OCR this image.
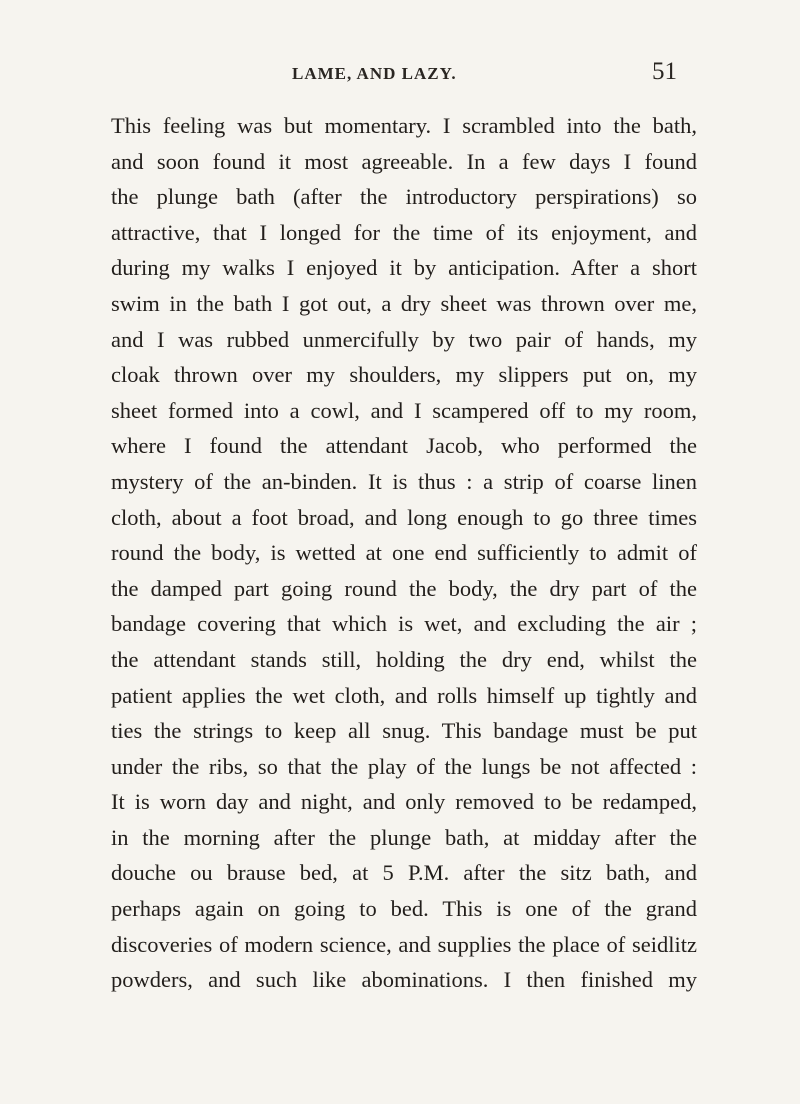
LAME, AND LAZY.	51
This feeling was but momentary. I scrambled into the bath,
and soon found it most agreeable. In a few days I found
the plunge bath (after the introductory perspirations) so
attractive, that I longed for the time of its enjoyment, and
during my walks I enjoyed it by anticipation. After a short
swim in the bath I got out, a dry sheet was thrown over me,
and I was rubbed unmercifully by two pair of hands, my
cloak thrown over my shoulders, my slippers put on, my
sheet formed into a cowl, and I scampered off to my room,
where I found the attendant Jacob, who performed the
mystery of the an-binden. It is thus : a strip of coarse linen
cloth, about a foot broad, and long enough to go three times
round the body, is wetted at one end sufficiently to admit of
the damped part going round the body, the dry part of the
bandage covering that which is wet, and excluding the air ;
the attendant stands still, holding the dry end, whilst the
patient applies the wet cloth, and rolls himself up tightly and
ties the strings to keep all snug. This bandage must be put
under the ribs, so that the play of the lungs be not affected :
It is worn day and night, and only removed to be redamped,
in the morning after the plunge bath, at midday after the
douche ou brause bed, at 5 P.M. after the sitz bath, and
perhaps again on going to bed. This is one of the grand
discoveries of modern science, and supplies the place of seidlitz
powders, and such like abominations. I then finished my
